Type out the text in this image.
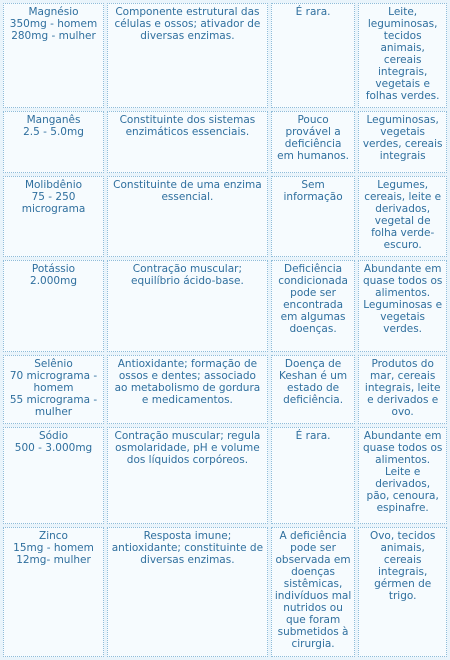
Magnésio
350mg - homem
280mg - mulher	Componente estrutural das células e ossos; ativador de diversas enzimas.	É rara.	Leite, leguminosas, tecidos animais, cereais integrais, vegetais e folhas verdes.

Manganês
2.5 - 5.0mg	Constituinte dos sistemas enzimáticos essenciais.	Pouco provável a deficiência em humanos.	Leguminosas, vegetais verdes, cereais integrais

Molibdênio
75 - 250
micrograma	Constituinte de uma enzima essencial.	Sem informação	Legumes, cereais, leite e derivados, vegetal de folha verde-escuro.

Potássio
2.000mg	Contração muscular; equilíbrio ácido-base.	Deficiência condicionada pode ser encontrada em algumas doenças.	Abundante em quase todos os alimentos. Leguminosas e vegetais verdes.

Selênio
70 micrograma - homem
55 micrograma - mulher	Antioxidante; formação de ossos e dentes; associado ao metabolismo de gordura e medicamentos.	Doença de Keshan é um estado de deficiência.	Produtos do mar, cereais integrais, leite e derivados e ovo.

Sódio
500 - 3.000mg	Contração muscular; regula osmolaridade, pH e volume dos líquidos corpóreos.	É rara.	Abundante em quase todos os alimentos. Leite e derivados, pão, cenoura, espinafre.

Zinco
15mg - homem
12mg- mulher	Resposta imune; antioxidante; constituinte de diversas enzimas.	A deficiência pode ser observada em doenças sistêmicas, indivíduos mal nutridos ou que foram submetidos à cirurgia.	Ovo, tecidos animais, cereais integrais, gérmen de trigo.
